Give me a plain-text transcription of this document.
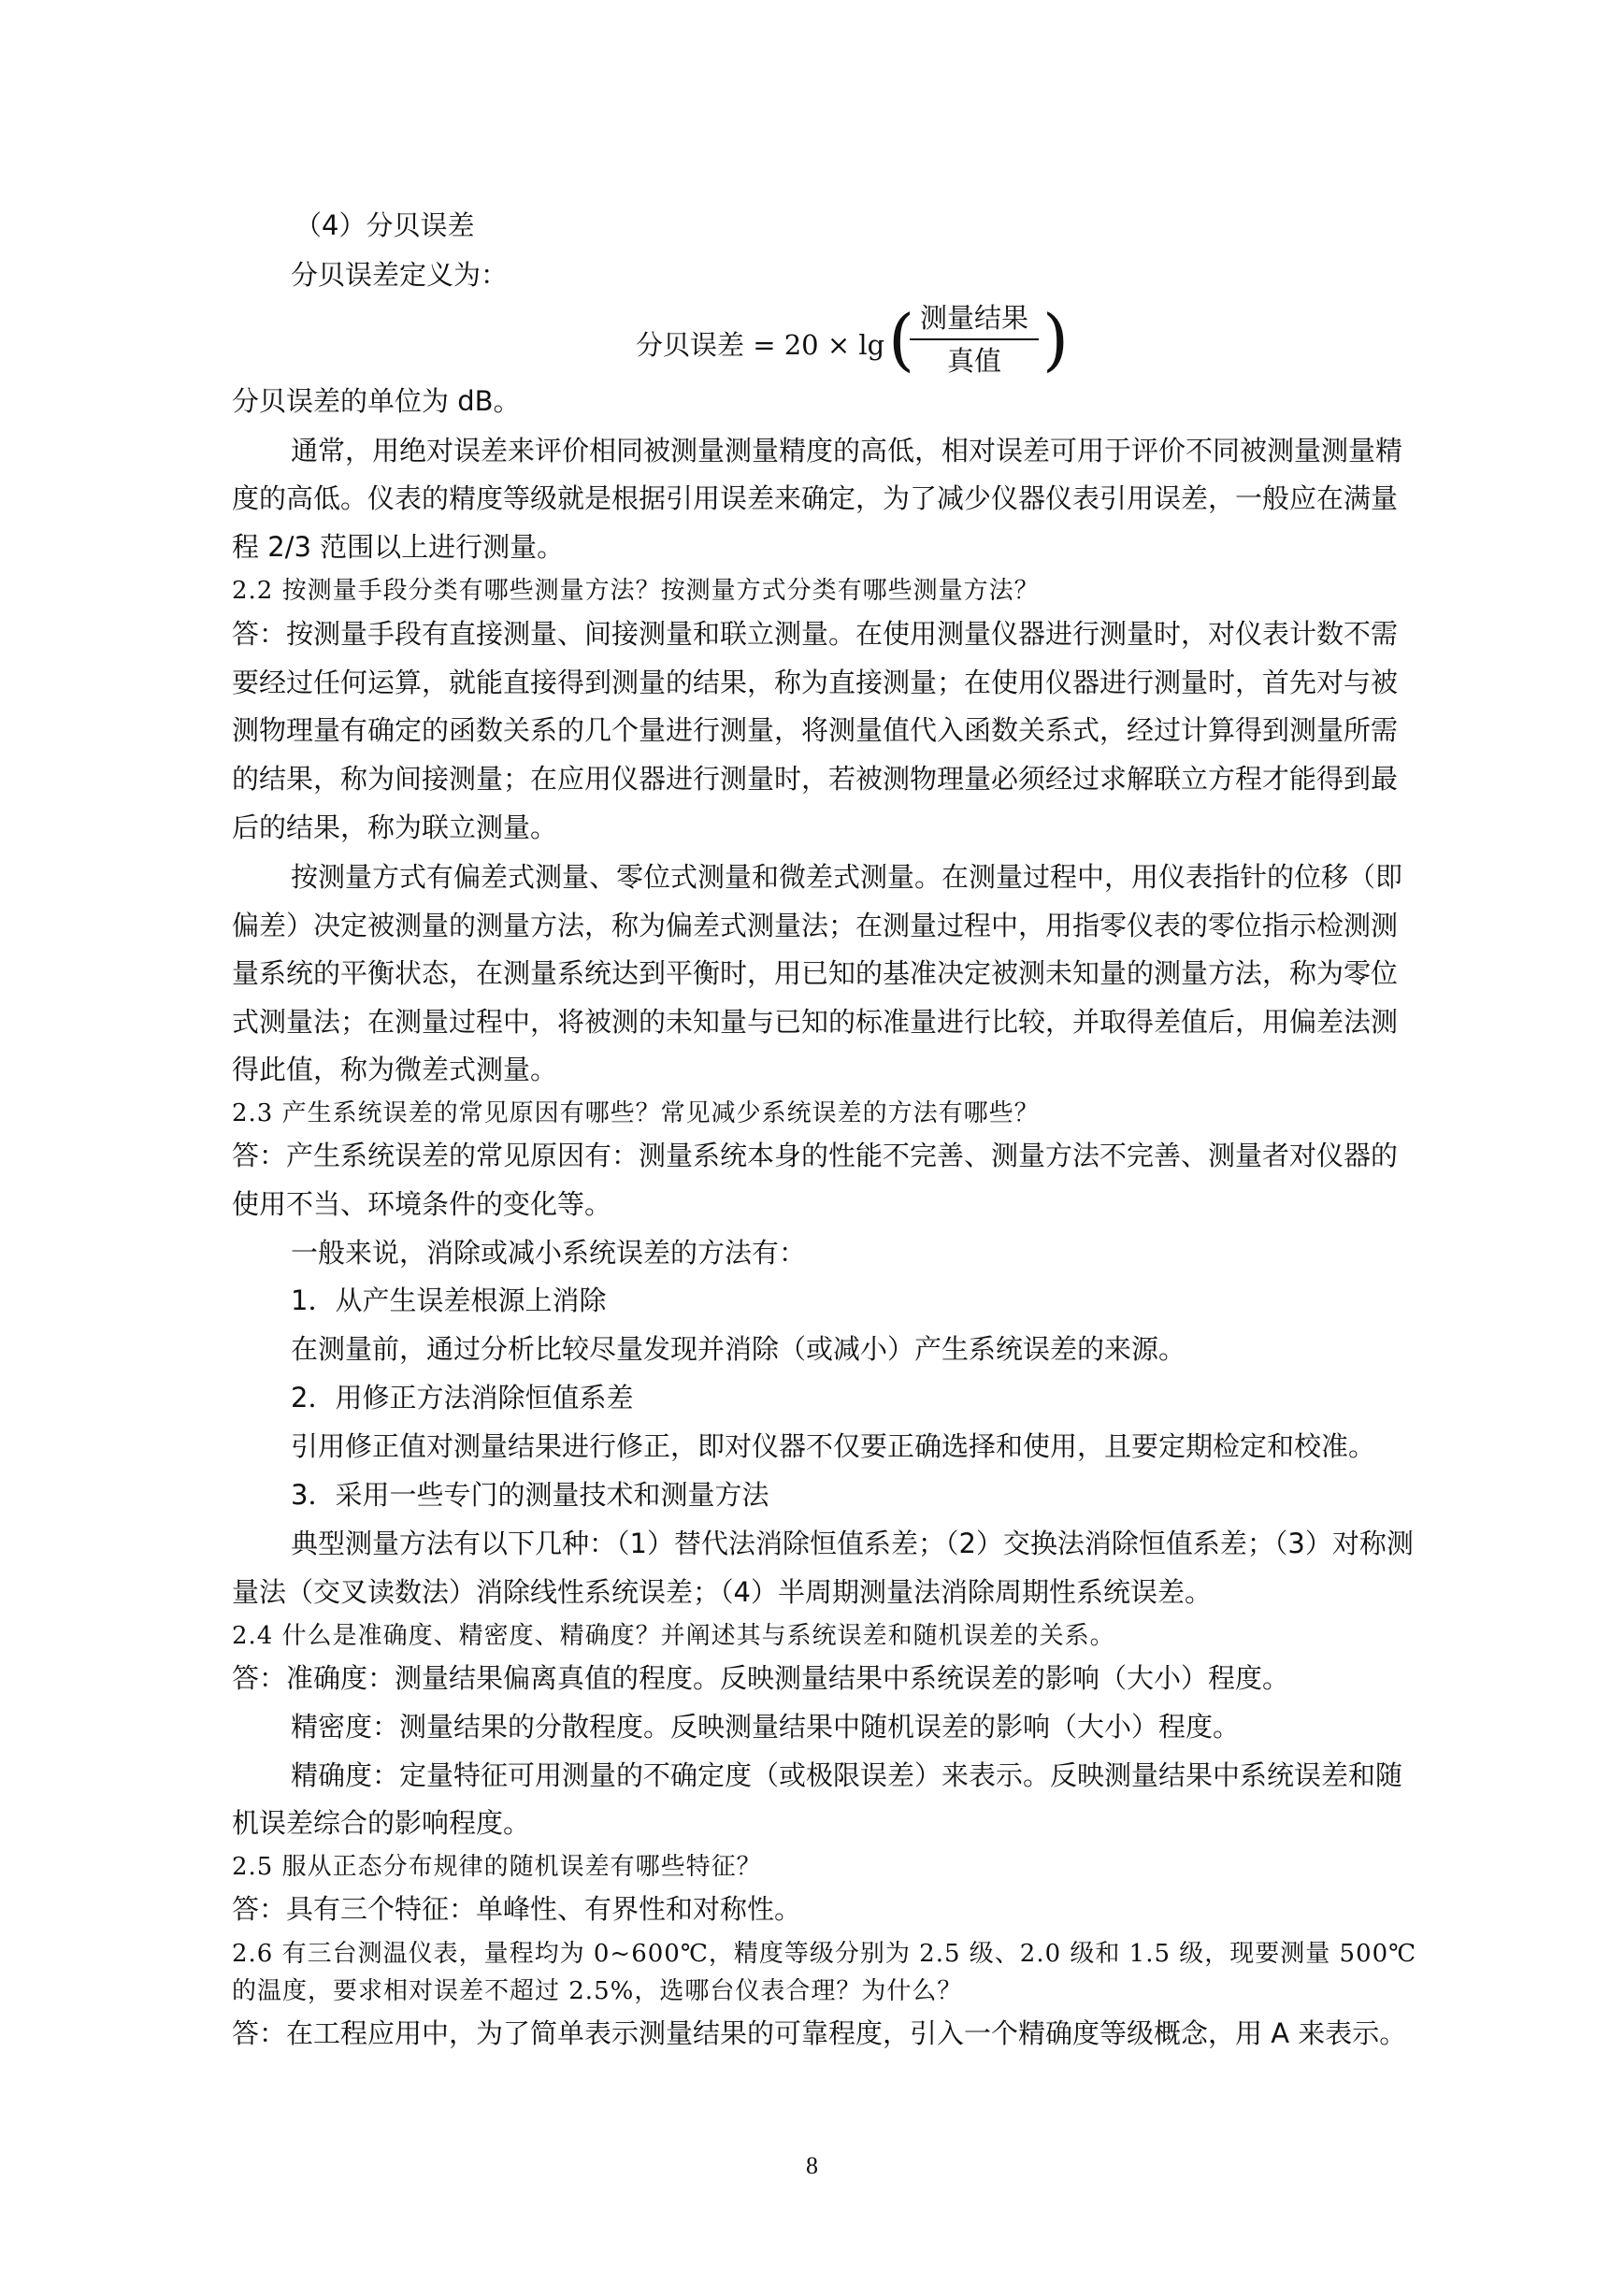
（4）分贝误差
分贝误差定义为：
分贝误差 = 20 × lg ( 测量结果
真值 )
分贝误差的单位为 dB。
通常，用绝对误差来评价相同被测量测量精度的高低，相对误差可用于评价不同被测量测量精
度的高低。仪表的精度等级就是根据引用误差来确定，为了减少仪器仪表引用误差，一般应在满量
程 2/3 范围以上进行测量。
2.2 按测量手段分类有哪些测量方法？按测量方式分类有哪些测量方法？
答：按测量手段有直接测量、间接测量和联立测量。在使用测量仪器进行测量时，对仪表计数不需
要经过任何运算，就能直接得到测量的结果，称为直接测量；在使用仪器进行测量时，首先对与被
测物理量有确定的函数关系的几个量进行测量，将测量值代入函数关系式，经过计算得到测量所需
的结果，称为间接测量；在应用仪器进行测量时，若被测物理量必须经过求解联立方程才能得到最
后的结果，称为联立测量。
按测量方式有偏差式测量、零位式测量和微差式测量。在测量过程中，用仪表指针的位移（即
偏差）决定被测量的测量方法，称为偏差式测量法；在测量过程中，用指零仪表的零位指示检测测
量系统的平衡状态，在测量系统达到平衡时，用已知的基准决定被测未知量的测量方法，称为零位
式测量法；在测量过程中，将被测的未知量与已知的标准量进行比较，并取得差值后，用偏差法测
得此值，称为微差式测量。
2.3 产生系统误差的常见原因有哪些？常见减少系统误差的方法有哪些？
答：产生系统误差的常见原因有：测量系统本身的性能不完善、测量方法不完善、测量者对仪器的
使用不当、环境条件的变化等。
一般来说，消除或减小系统误差的方法有：
1．从产生误差根源上消除
在测量前，通过分析比较尽量发现并消除（或减小）产生系统误差的来源。
2．用修正方法消除恒值系差
引用修正值对测量结果进行修正，即对仪器不仅要正确选择和使用，且要定期检定和校准。
3．采用一些专门的测量技术和测量方法
典型测量方法有以下几种：（1）替代法消除恒值系差；（2）交换法消除恒值系差；（3）对称测
量法（交叉读数法）消除线性系统误差；（4）半周期测量法消除周期性系统误差。
2.4 什么是准确度、精密度、精确度？并阐述其与系统误差和随机误差的关系。
答：准确度：测量结果偏离真值的程度。反映测量结果中系统误差的影响（大小）程度。
精密度：测量结果的分散程度。反映测量结果中随机误差的影响（大小）程度。
精确度：定量特征可用测量的不确定度（或极限误差）来表示。反映测量结果中系统误差和随
机误差综合的影响程度。
2.5 服从正态分布规律的随机误差有哪些特征？
答：具有三个特征：单峰性、有界性和对称性。
2.6 有三台测温仪表，量程均为 0~600℃，精度等级分别为 2.5 级、2.0 级和 1.5 级，现要测量 500℃
的温度，要求相对误差不超过 2.5%，选哪台仪表合理？为什么？
答：在工程应用中，为了简单表示测量结果的可靠程度，引入一个精确度等级概念，用 A 来表示。
8
